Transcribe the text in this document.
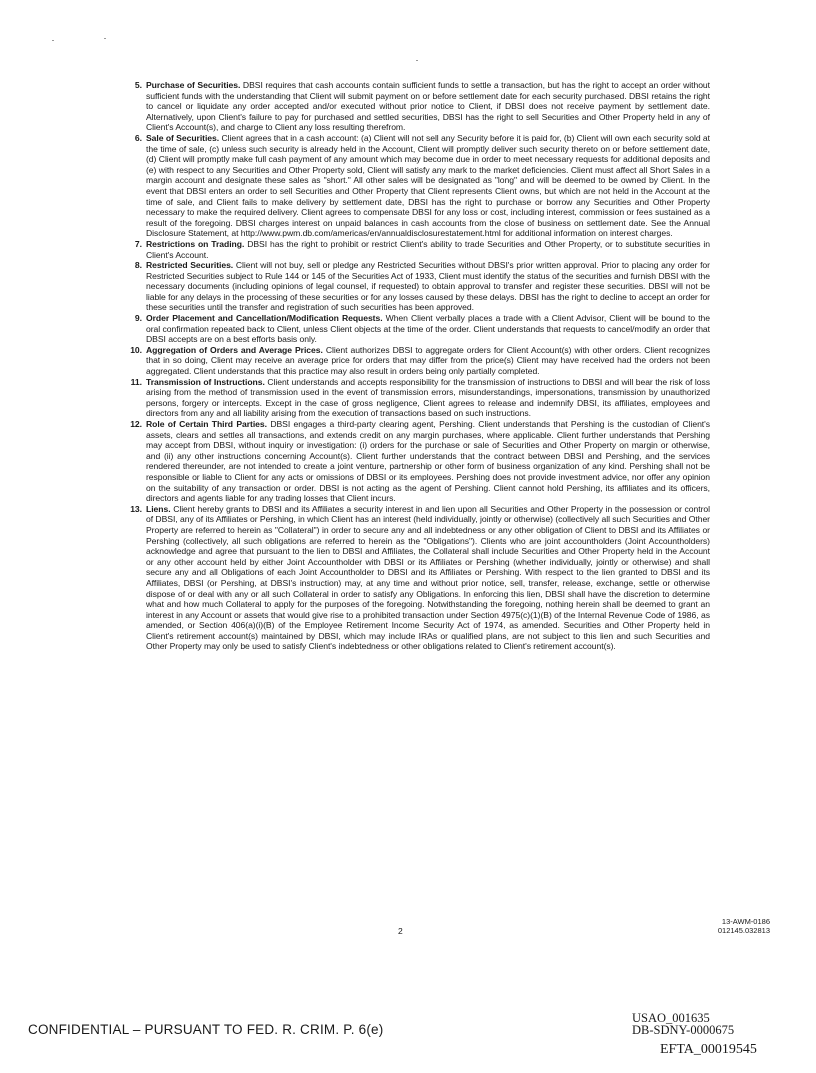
5. Purchase of Securities. DBSI requires that cash accounts contain sufficient funds to settle a transaction, but has the right to accept an order without sufficient funds with the understanding that Client will submit payment on or before settlement date for each security purchased. DBSI retains the right to cancel or liquidate any order accepted and/or executed without prior notice to Client, if DBSI does not receive payment by settlement date. Alternatively, upon Client's failure to pay for purchased and settled securities, DBSI has the right to sell Securities and Other Property held in any of Client's Account(s), and charge to Client any loss resulting therefrom.
6. Sale of Securities. Client agrees that in a cash account: (a) Client will not sell any Security before it is paid for, (b) Client will own each security sold at the time of sale, (c) unless such security is already held in the Account, Client will promptly deliver such security thereto on or before settlement date, (d) Client will promptly make full cash payment of any amount which may become due in order to meet necessary requests for additional deposits and (e) with respect to any Securities and Other Property sold, Client will satisfy any mark to the market deficiencies. Client must affect all Short Sales in a margin account and designate these sales as "short." All other sales will be designated as "long" and will be deemed to be owned by Client. In the event that DBSI enters an order to sell Securities and Other Property that Client represents Client owns, but which are not held in the Account at the time of sale, and Client fails to make delivery by settlement date, DBSI has the right to purchase or borrow any Securities and Other Property necessary to make the required delivery. Client agrees to compensate DBSI for any loss or cost, including interest, commission or fees sustained as a result of the foregoing. DBSI charges interest on unpaid balances in cash accounts from the close of business on settlement date. See the Annual Disclosure Statement, at http://www.pwm.db.com/americas/en/annualdisclosurestatement.html for additional information on interest charges.
7. Restrictions on Trading. DBSI has the right to prohibit or restrict Client's ability to trade Securities and Other Property, or to substitute securities in Client's Account.
8. Restricted Securities. Client will not buy, sell or pledge any Restricted Securities without DBSI's prior written approval. Prior to placing any order for Restricted Securities subject to Rule 144 or 145 of the Securities Act of 1933, Client must identify the status of the securities and furnish DBSI with the necessary documents (including opinions of legal counsel, if requested) to obtain approval to transfer and register these securities. DBSI will not be liable for any delays in the processing of these securities or for any losses caused by these delays. DBSI has the right to decline to accept an order for these securities until the transfer and registration of such securities has been approved.
9. Order Placement and Cancellation/Modification Requests. When Client verbally places a trade with a Client Advisor, Client will be bound to the oral confirmation repeated back to Client, unless Client objects at the time of the order. Client understands that requests to cancel/modify an order that DBSI accepts are on a best efforts basis only.
10. Aggregation of Orders and Average Prices. Client authorizes DBSI to aggregate orders for Client Account(s) with other orders. Client recognizes that in so doing, Client may receive an average price for orders that may differ from the price(s) Client may have received had the orders not been aggregated. Client understands that this practice may also result in orders being only partially completed.
11. Transmission of Instructions. Client understands and accepts responsibility for the transmission of instructions to DBSI and will bear the risk of loss arising from the method of transmission used in the event of transmission errors, misunderstandings, impersonations, transmission by unauthorized persons, forgery or intercepts. Except in the case of gross negligence, Client agrees to release and indemnify DBSI, its affiliates, employees and directors from any and all liability arising from the execution of transactions based on such instructions.
12. Role of Certain Third Parties. DBSI engages a third-party clearing agent, Pershing. Client understands that Pershing is the custodian of Client's assets, clears and settles all transactions, and extends credit on any margin purchases, where applicable. Client further understands that Pershing may accept from DBSI, without inquiry or investigation: (i) orders for the purchase or sale of Securities and Other Property on margin or otherwise, and (ii) any other instructions concerning Account(s). Client further understands that the contract between DBSI and Pershing, and the services rendered thereunder, are not intended to create a joint venture, partnership or other form of business organization of any kind. Pershing shall not be responsible or liable to Client for any acts or omissions of DBSI or its employees. Pershing does not provide investment advice, nor offer any opinion on the suitability of any transaction or order. DBSI is not acting as the agent of Pershing. Client cannot hold Pershing, its affiliates and its officers, directors and agents liable for any trading losses that Client incurs.
13. Liens. Client hereby grants to DBSI and its Affiliates a security interest in and lien upon all Securities and Other Property in the possession or control of DBSI, any of its Affiliates or Pershing, in which Client has an interest (held individually, jointly or otherwise) (collectively all such Securities and Other Property are referred to herein as "Collateral") in order to secure any and all indebtedness or any other obligation of Client to DBSI and its Affiliates or Pershing (collectively, all such obligations are referred to herein as the "Obligations"). Clients who are joint accountholders (Joint Accountholders) acknowledge and agree that pursuant to the lien to DBSI and Affiliates, the Collateral shall include Securities and Other Property held in the Account or any other account held by either Joint Accountholder with DBSI or its Affiliates or Pershing (whether individually, jointly or otherwise) and shall secure any and all Obligations of each Joint Accountholder to DBSI and its Affiliates or Pershing. With respect to the lien granted to DBSI and its Affiliates, DBSI (or Pershing, at DBSI's instruction) may, at any time and without prior notice, sell, transfer, release, exchange, settle or otherwise dispose of or deal with any or all such Collateral in order to satisfy any Obligations. In enforcing this lien, DBSI shall have the discretion to determine what and how much Collateral to apply for the purposes of the foregoing. Notwithstanding the foregoing, nothing herein shall be deemed to grant an interest in any Account or assets that would give rise to a prohibited transaction under Section 4975(c)(1)(B) of the Internal Revenue Code of 1986, as amended, or Section 406(a)(i)(B) of the Employee Retirement Income Security Act of 1974, as amended. Securities and Other Property held in Client's retirement account(s) maintained by DBSI, which may include IRAs or qualified plans, are not subject to this lien and such Securities and Other Property may only be used to satisfy Client's indebtedness or other obligations related to Client's retirement account(s).
2
13-AWM-0186
012145.032813
CONFIDENTIAL – PURSUANT TO FED. R. CRIM. P. 6(e)
USAO_001635
DB-SDNY-0000675
EFTA_00019545
